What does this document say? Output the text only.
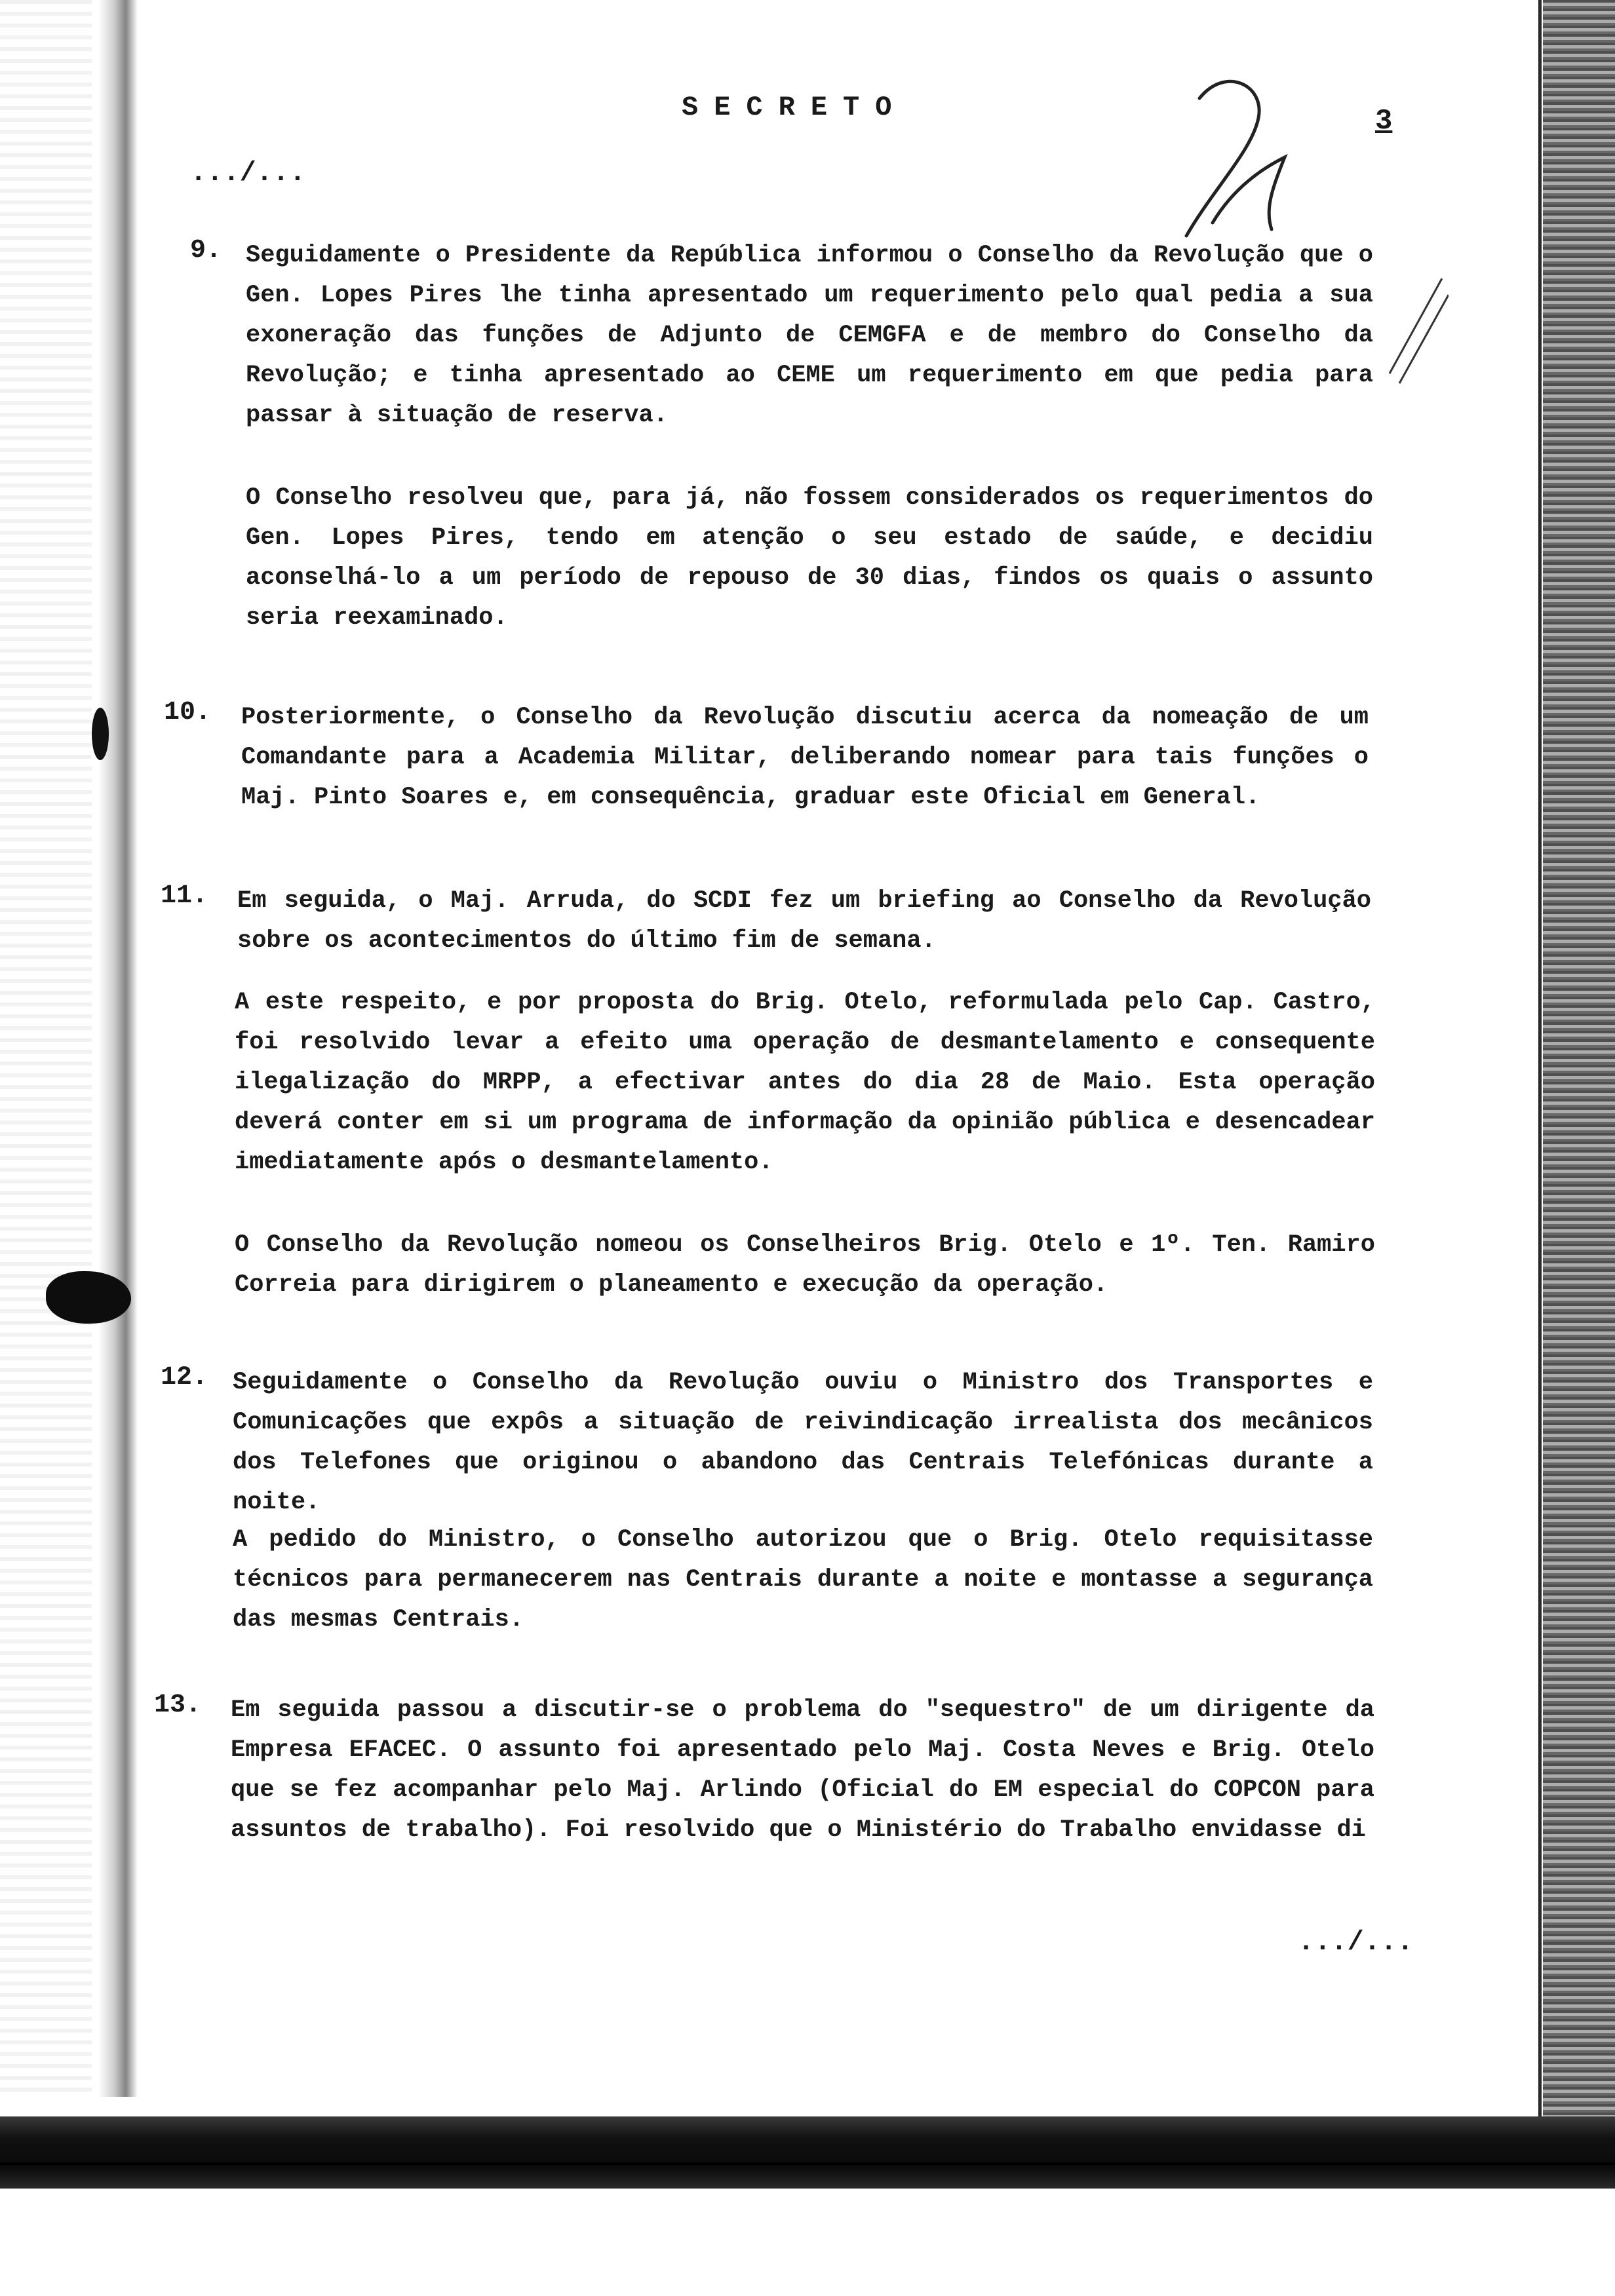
SECRETO	3
.../...
9. Seguidamente o Presidente da República informou o Conselho da Revolução que o Gen. Lopes Pires lhe tinha apresentado um requerimento pelo qual pedia a sua exoneração das funções de Adjunto de CEMGFA e de membro do Conselho da Revolução; e tinha apresentado ao CEME um requerimento em que pedia para passar à situação de reserva.
O Conselho resolveu que, para já, não fossem considerados os requerimentos do Gen. Lopes Pires, tendo em atenção o seu estado de saúde, e decidiu aconselhá-lo a um período de repouso de 30 dias, findos os quais o assunto seria reexaminado.
10. Posteriormente, o Conselho da Revolução discutiu acerca da nomeação de um Comandante para a Academia Militar, deliberando nomear para tais funções o Maj. Pinto Soares e, em consequência, graduar este Oficial em General.
11. Em seguida, o Maj. Arruda, do SCDI fez um briefing ao Conselho da Revolução sobre os acontecimentos do último fim de semana.
A este respeito, e por proposta do Brig. Otelo, reformulada pelo Cap. Castro, foi resolvido levar a efeito uma operação de desmantelamento e consequente ilegalização do MRPP, a efectivar antes do dia 28 de Maio. Esta operação deverá conter em si um programa de informação da opinião pública e desencadear imediatamente após o desmantelamento.
O Conselho da Revolução nomeou os Conselheiros Brig. Otelo e 1º. Ten. Ramiro Correia para dirigirem o planeamento e execução da operação.
12. Seguidamente o Conselho da Revolução ouviu o Ministro dos Transportes e Comunicações que expôs a situação de reivindicação irrealista dos mecânicos dos Telefones que originou o abandono das Centrais Telefónicas durante a noite.
A pedido do Ministro, o Conselho autorizou que o Brig. Otelo requisitasse técnicos para permanecerem nas Centrais durante a noite e montasse a segurança das mesmas Centrais.
13. Em seguida passou a discutir-se o problema do "sequestro" de um dirigente da Empresa EFACEC. O assunto foi apresentado pelo Maj. Costa Neves e Brig. Otelo que se fez acompanhar pelo Maj. Arlindo (Oficial do EM especial do COPCON para assuntos de trabalho). Foi resolvido que o Ministério do Trabalho envidasse di
.../...
